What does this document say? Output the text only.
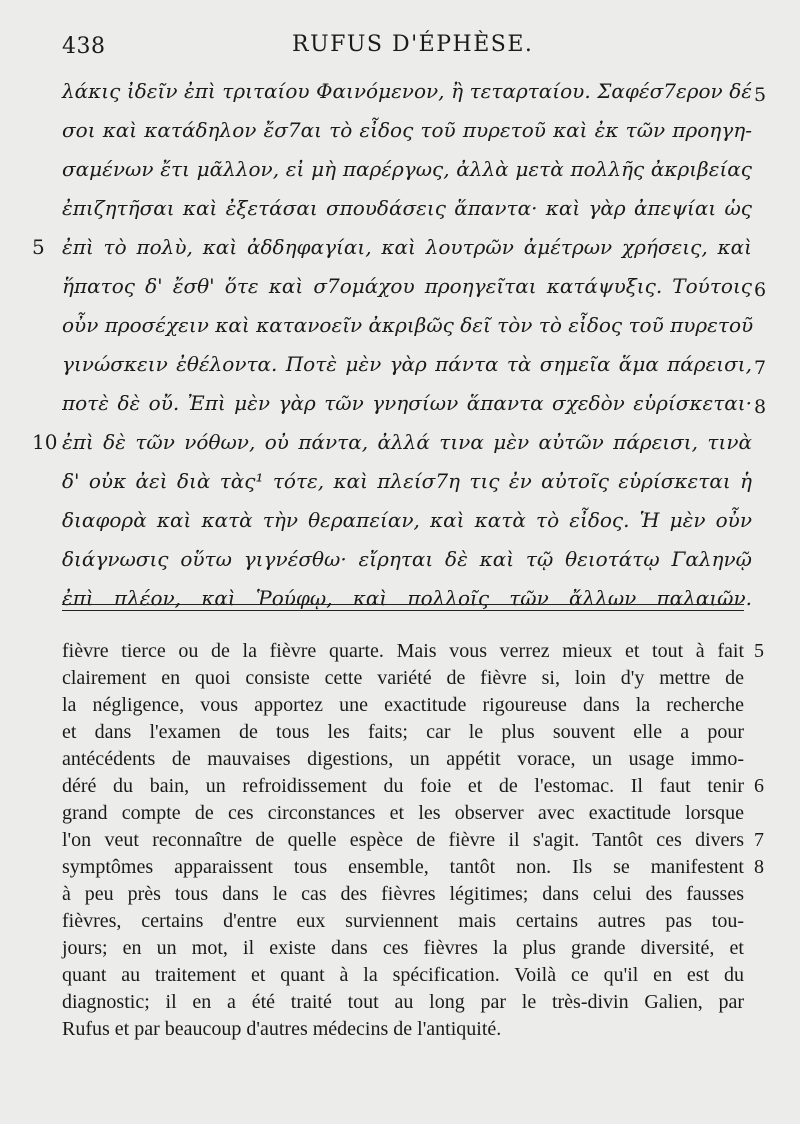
438	RUFUS D'ÉPHÈSE.
λάκις ἰδεῖν ἐπὶ τριταίου Φαινόμενον, ἢ τεταρταίου. Σαφέσ7ερον δέ 5
σοι καὶ κατάδηλον ἔσ7αι τὸ εἶδος τοῦ πυρετοῦ καὶ ἐκ τῶν προηγη-
σαμένων ἔτι μᾶλλον, εἰ μὴ παρέργως, ἀλλὰ μετὰ πολλῆς ἀκριβείας
ἐπιζητῆσαι καὶ ἐξετάσαι σπουδάσεις ἅπαντα· καὶ γὰρ ἀπεψίαι ὡς
ἐπὶ τὸ πολὺ, καὶ ἀδδηφαγίαι, καὶ λουτρῶν ἀμέτρων χρήσεις, καὶ
5
ἥπατος δ' ἔσθ' ὅτε καὶ σ7ομάχου προηγεῖται κατάψυξις. Τούτοις 6
οὖν προσέχειν καὶ κατανοεῖν ἀκριβῶς δεῖ τὸν τὸ εἶδος τοῦ πυρετοῦ
γινώσκειν ἐθέλοντα. Ποτὲ μὲν γὰρ πάντα τὰ σημεῖα ἅμα πάρεισι, 7
ποτὲ δὲ οὔ. Ἐπὶ μὲν γὰρ τῶν γνησίων ἅπαντα σχεδὸν εὑρίσκεται· 8
ἐπὶ δὲ τῶν νόθων, οὐ πάντα, ἀλλά τινα μὲν αὐτῶν πάρεισι, τινὰ
10
δ' οὐκ ἀεὶ διὰ τὰς¹ τότε, καὶ πλείσ7η τις ἐν αὐτοῖς εὑρίσκεται ἡ
διαφορὰ καὶ κατὰ τὴν θεραπείαν, καὶ κατὰ τὸ εἶδος. Ἡ μὲν οὖν
διάγνωσις οὕτω γιγνέσθω· εἴρηται δὲ καὶ τῷ θειοτάτῳ Γαληνῷ
ἐπὶ πλέον, καὶ Ῥούφῳ, καὶ πολλοῖς τῶν ἄλλων παλαιῶν.
fièvre tierce ou de la fièvre quarte. Mais vous verrez mieux et tout à fait 5
clairement en quoi consiste cette variété de fièvre si, loin d'y mettre de
la négligence, vous apportez une exactitude rigoureuse dans la recherche
et dans l'examen de tous les faits; car le plus souvent elle a pour
antécédents de mauvaises digestions, un appétit vorace, un usage immo-
déré du bain, un refroidissement du foie et de l'estomac. Il faut tenir 6
grand compte de ces circonstances et les observer avec exactitude lorsque
l'on veut reconnaître de quelle espèce de fièvre il s'agit. Tantôt ces divers 7
symptômes apparaissent tous ensemble, tantôt non. Ils se manifestent 8
à peu près tous dans le cas des fièvres légitimes; dans celui des fausses
fièvres, certains d'entre eux surviennent mais certains autres pas tou-
jours; en un mot, il existe dans ces fièvres la plus grande diversité, et
quant au traitement et quant à la spécification. Voilà ce qu'il en est du
diagnostic; il en a été traité tout au long par le très-divin Galien, par
Rufus et par beaucoup d'autres médecins de l'antiquité.
